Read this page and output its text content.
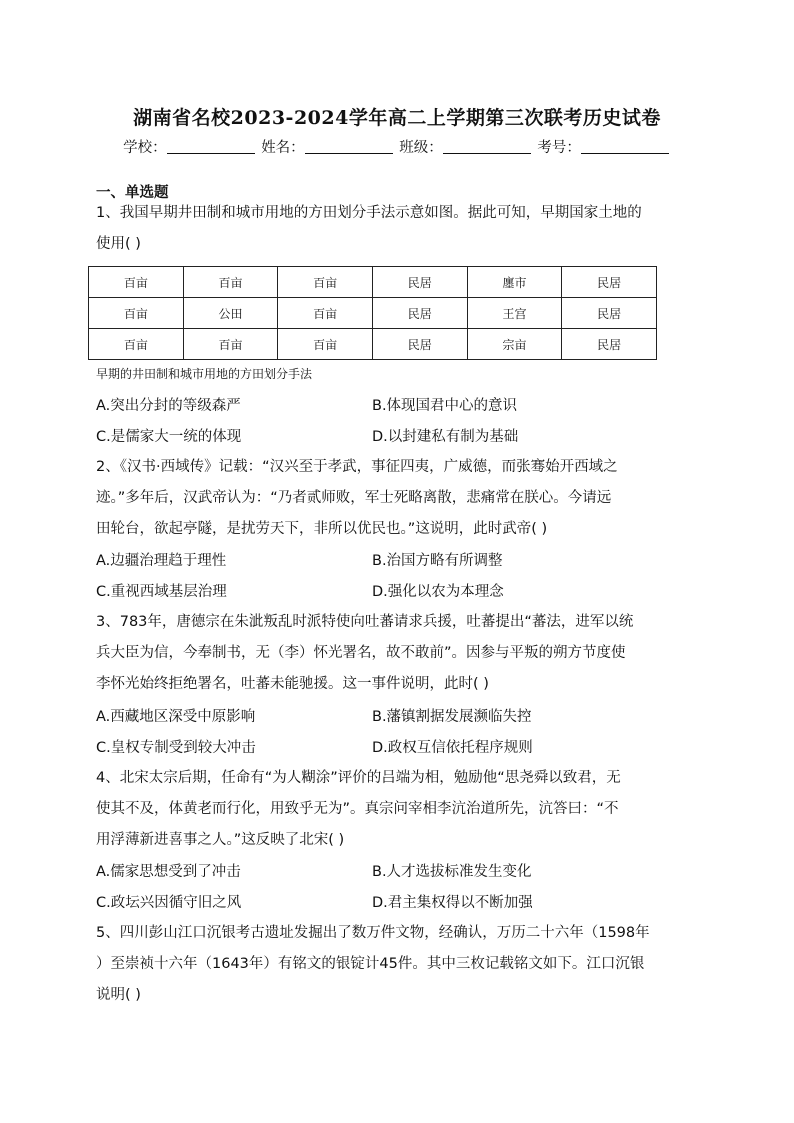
湖南省名校2023-2024学年高二上学期第三次联考历史试卷
学校：	姓名：	班级：	考号：
一、单选题
1、我国早期井田制和城市用地的方田划分手法示意如图。据此可知，早期国家土地的
使用( )
百亩	百亩	百亩	民居	廛市	民居
百亩	公田	百亩	民居	王宫	民居
百亩	百亩	百亩	民居	宗亩	民居
早期的井田制和城市用地的方田划分手法
A.突出分封的等级森严	B.体现国君中心的意识
C.是儒家大一统的体现	D.以封建私有制为基础
2、《汉书·西域传》记载：“汉兴至于孝武，事征四夷，广威德，而张骞始开西域之
迹。”多年后，汉武帝认为：“乃者贰师败，军士死略离散，悲痛常在朕心。今请远
田轮台，欲起亭隧，是扰劳天下，非所以优民也。”这说明，此时武帝( )
A.边疆治理趋于理性	B.治国方略有所调整
C.重视西域基层治理	D.强化以农为本理念
3、783年，唐德宗在朱泚叛乱时派特使向吐蕃请求兵援，吐蕃提出“蕃法，进军以统
兵大臣为信，今奉制书，无（李）怀光署名，故不敢前”。因参与平叛的朔方节度使
李怀光始终拒绝署名，吐蕃未能驰援。这一事件说明，此时( )
A.西藏地区深受中原影响	B.藩镇割据发展濒临失控
C.皇权专制受到较大冲击	D.政权互信依托程序规则
4、北宋太宗后期，任命有“为人糊涂”评价的吕端为相，勉励他“思尧舜以致君，无
使其不及，体黄老而行化，用致乎无为”。真宗问宰相李沆治道所先，沆答曰：“不
用浮薄新进喜事之人。”这反映了北宋( )
A.儒家思想受到了冲击	B.人才选拔标准发生变化
C.政坛兴因循守旧之风	D.君主集权得以不断加强
5、四川彭山江口沉银考古遗址发掘出了数万件文物，经确认，万历二十六年（1598年
）至崇祯十六年（1643年）有铭文的银锭计45件。其中三枚记载铭文如下。江口沉银
说明( )
